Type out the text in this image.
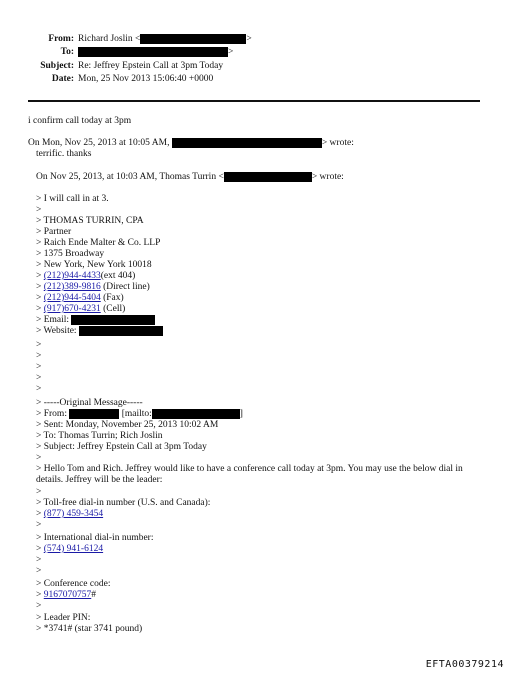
From: Richard Joslin <	>
To:	>
Subject: Re: Jeffrey Epstein Call at 3pm Today
Date: Mon, 25 Nov 2013 15:06:40 +0000
i confirm call today at 3pm
On Mon, Nov 25, 2013 at 10:05 AM,	> wrote:
terrific. thanks
On Nov 25, 2013, at 10:03 AM, Thomas Turrin <	> wrote:
> I will call in at 3.
>
> THOMAS TURRIN, CPA
> Partner
> Raich Ende Malter & Co. LLP
> 1375 Broadway
> New York, New York 10018
> (212)944-4433(ext 404)
> (212)389-9816 (Direct line)
> (212)944-5404 (Fax)
> (917)670-4231 (Cell)
> Email:
> Website:
>
>
>
>
>
> -----Original Message-----
> From:	[mailto:	]
> Sent: Monday, November 25, 2013 10:02 AM
> To: Thomas Turrin; Rich Joslin
> Subject: Jeffrey Epstein Call at 3pm Today
>
> Hello Tom and Rich. Jeffrey would like to have a conference call today at 3pm. You may use the below dial in details. Jeffrey will be the leader:
>
> Toll-free dial-in number (U.S. and Canada):
> (877) 459-3454
>
> International dial-in number:
> (574) 941-6124
>
>
> Conference code:
> 9167070757#
>
> Leader PIN:
> *3741# (star 3741 pound)
EFTA00379214
